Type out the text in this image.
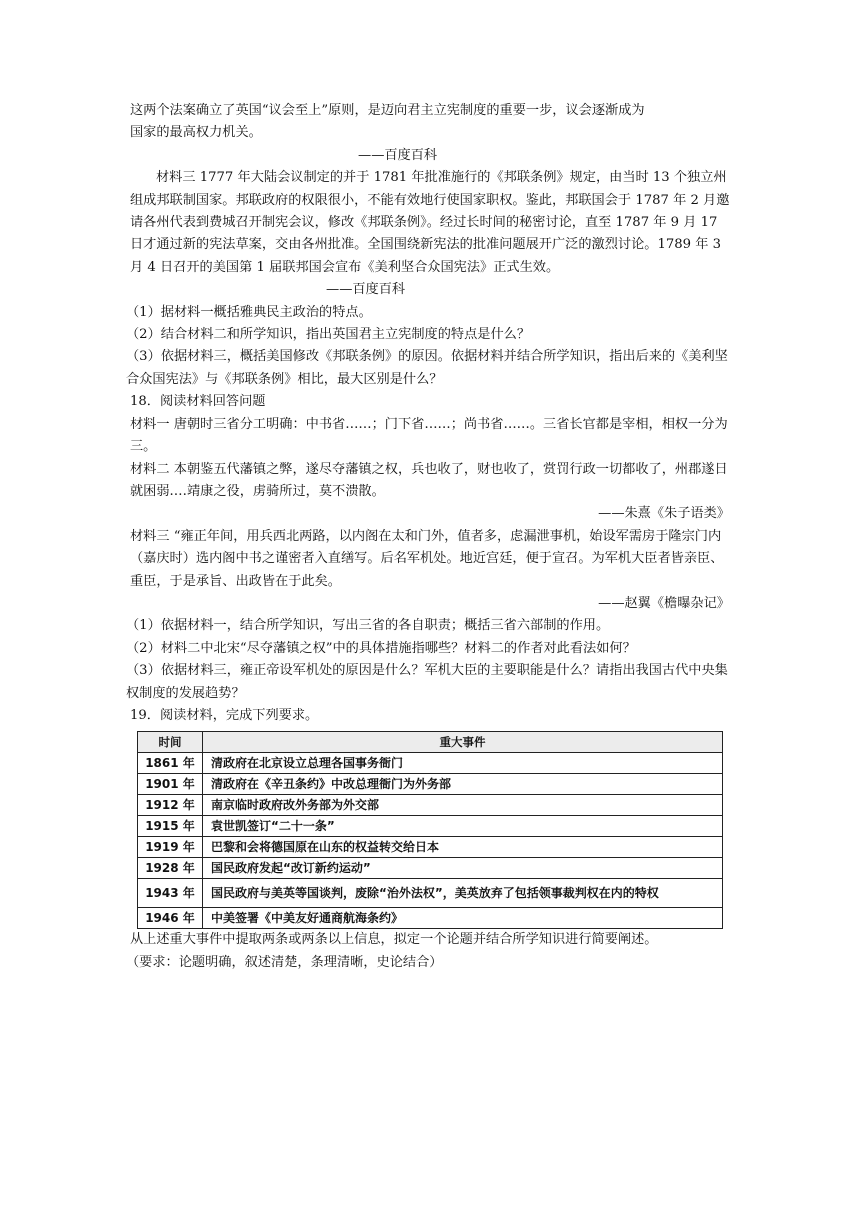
这两个法案确立了英国“议会至上”原则，是迈向君主立宪制度的重要一步，议会逐渐成为

国家的最高权力机关。

——百度百科

材料三 1777 年大陆会议制定的并于 1781 年批准施行的《邦联条例》规定，由当时 13 个独立州组成邦联制国家。邦联政府的权限很小，不能有效地行使国家职权。鉴此，邦联国会于 1787 年 2 月邀请各州代表到费城召开制宪会议，修改《邦联条例》。经过长时间的秘密讨论，直至 1787 年 9 月 17 日才通过新的宪法草案，交由各州批准。全国围绕新宪法的批准问题展开广泛的激烈讨论。1789 年 3 月 4 日召开的美国第 1 届联邦国会宣布《美利坚合众国宪法》正式生效。

——百度百科

（1）据材料一概括雅典民主政治的特点。

（2）结合材料二和所学知识，指出英国君主立宪制度的特点是什么？

（3）依据材料三，概括美国修改《邦联条例》的原因。依据材料并结合所学知识，指出后来的《美利坚合众国宪法》与《邦联条例》相比，最大区别是什么？

18．阅读材料回答问题

材料一 唐朝时三省分工明确：中书省……；门下省……；尚书省……。三省长官都是宰相，相权一分为三。

材料二 本朝鉴五代藩镇之弊，遂尽夺藩镇之权，兵也收了，财也收了，赏罚行政一切都收了，州郡遂日就困弱.…靖康之役，虏骑所过，莫不溃散。

——朱熹《朱子语类》

材料三 “雍正年间，用兵西北两路，以内阁在太和门外，值者多，虑漏泄事机，始设军需房于隆宗门内（嘉庆时）选内阁中书之谨密者入直缮写。后名军机处。地近宫廷，便于宣召。为军机大臣者皆亲臣、重臣，于是承旨、出政皆在于此矣。

——赵翼《檐曝杂记》

（1）依据材料一，结合所学知识，写出三省的各自职责；概括三省六部制的作用。

（2）材料二中北宋“尽夺藩镇之权”中的具体措施指哪些？材料二的作者对此看法如何？

（3）依据材料三，雍正帝设军机处的原因是什么？军机大臣的主要职能是什么？请指出我国古代中央集权制度的发展趋势？

19．阅读材料，完成下列要求。

时间	重大事件
1861 年	清政府在北京设立总理各国事务衙门
1901 年	清政府在《辛丑条约》中改总理衙门为外务部
1912 年	南京临时政府改外务部为外交部
1915 年	袁世凯签订“二十一条”
1919 年	巴黎和会将德国原在山东的权益转交给日本
1928 年	国民政府发起“改订新约运动”
1943 年	国民政府与美英等国谈判，废除“治外法权”，美英放弃了包括领事裁判权在内的特权
1946 年	中美签署《中美友好通商航海条约》

从上述重大事件中提取两条或两条以上信息，拟定一个论题并结合所学知识进行简要阐述。

（要求：论题明确，叙述清楚，条理清晰，史论结合）
